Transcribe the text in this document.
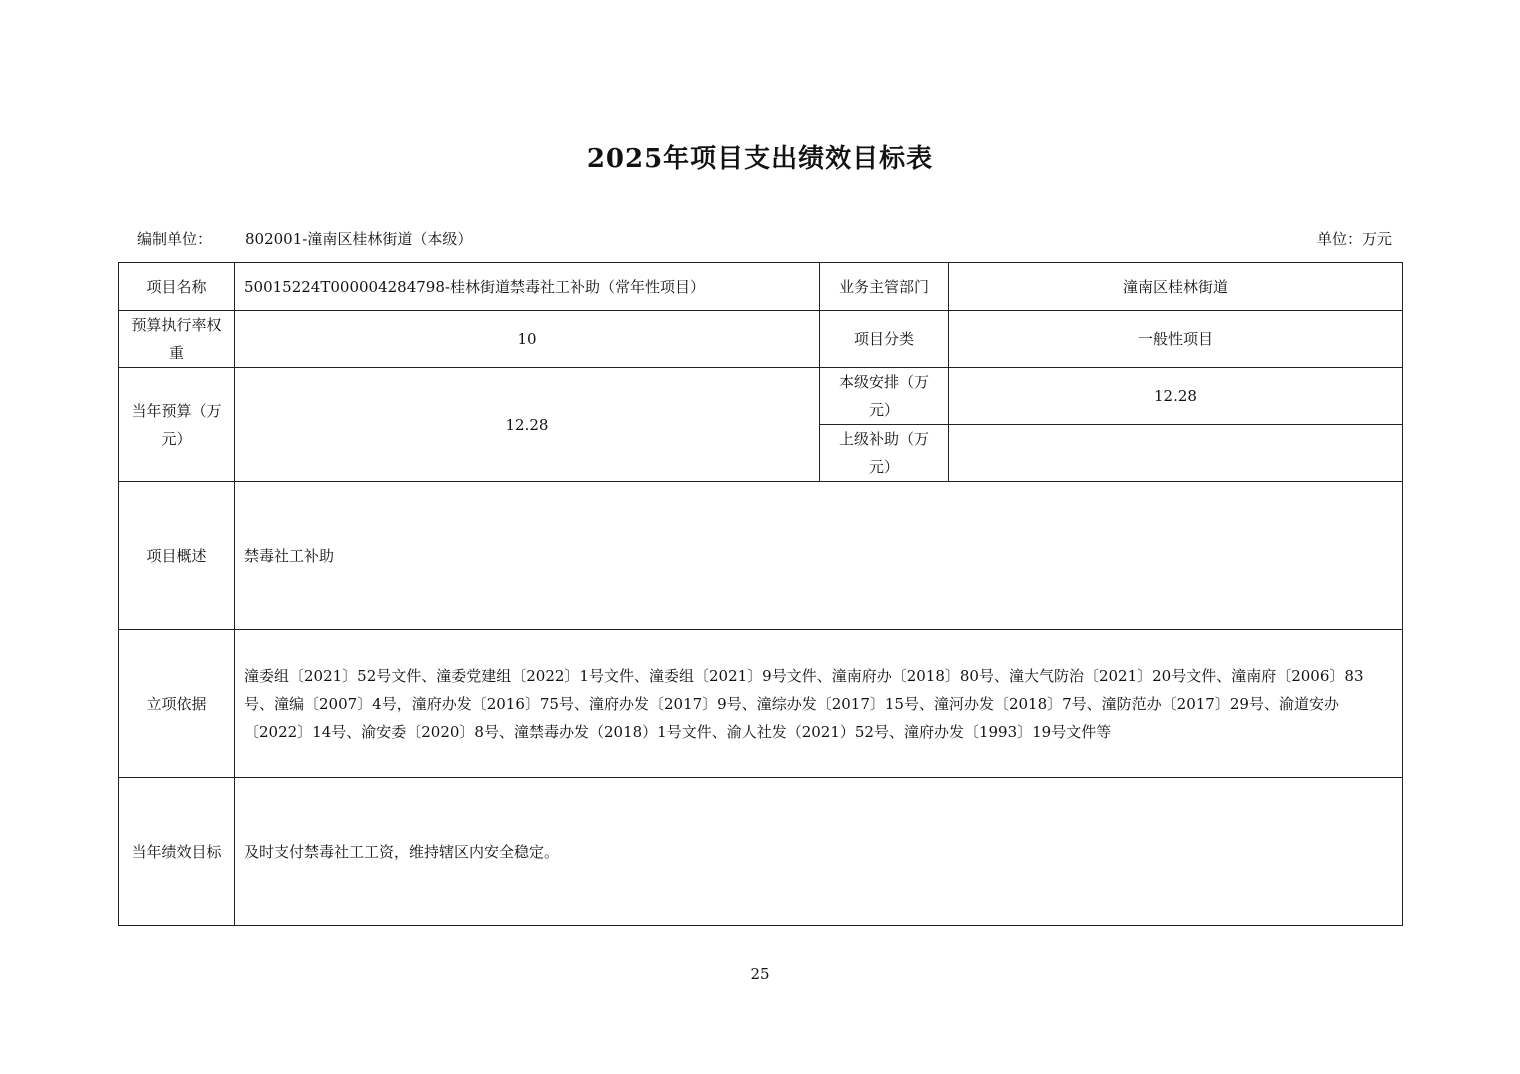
2025年项目支出绩效目标表
编制单位： 802001-潼南区桂林街道（本级）	单位：万元
项目名称	50015224T000004284798-桂林街道禁毒社工补助（常年性项目）	业务主管部门	潼南区桂林街道
预算执行率权重	10	项目分类	一般性项目
当年预算（万元）	12.28	本级安排（万元）	12.28
		上级补助（万元）	
项目概述	禁毒社工补助		
立项依据	潼委组〔2021〕52号文件、潼委党建组〔2022〕1号文件、潼委组〔2021〕9号文件、潼南府办〔2018〕80号、潼大气防治〔2021〕20号文件、潼南府〔2006〕83号、潼编〔2007〕4号，潼府办发〔2016〕75号、潼府办发〔2017〕9号、潼综办发〔2017〕15号、潼河办发〔2018〕7号、潼防范办〔2017〕29号、渝道安办〔2022〕14号、渝安委〔2020〕8号、潼禁毒办发（2018）1号文件、渝人社发（2021）52号、潼府办发〔1993〕19号文件等		
当年绩效目标	及时支付禁毒社工工资，维持辖区内安全稳定。		
25
